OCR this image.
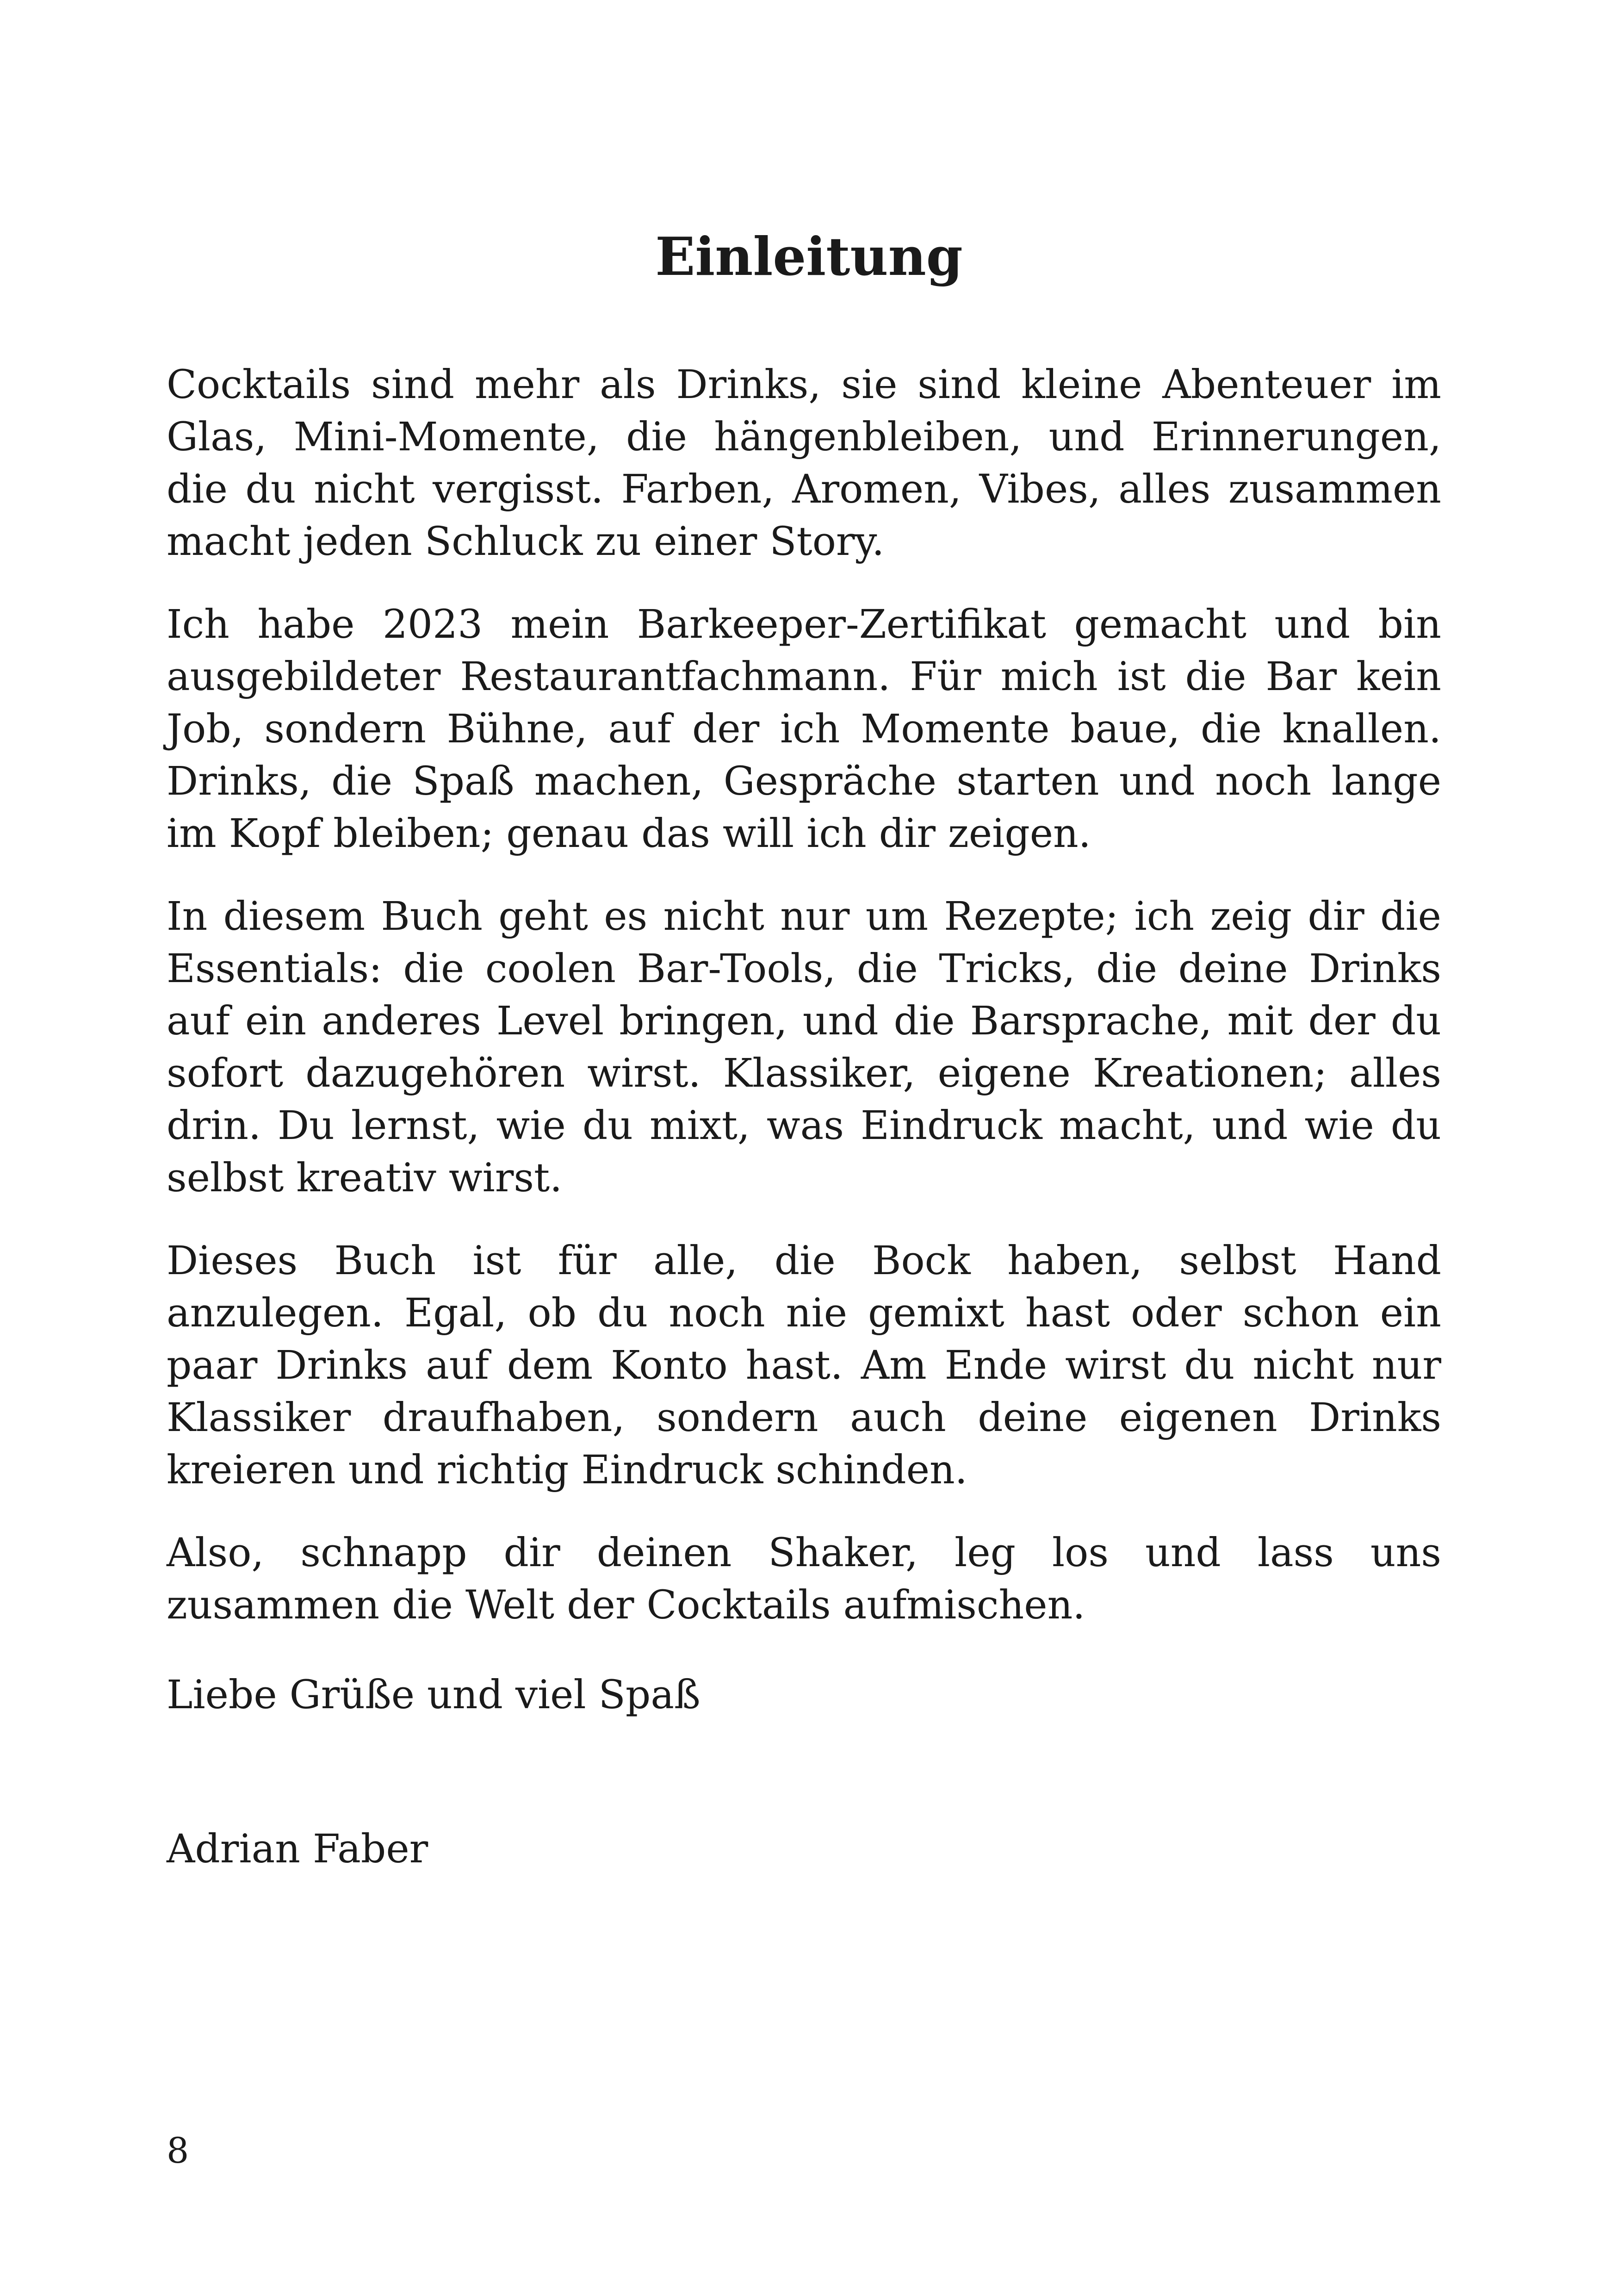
Einleitung

Cocktails sind mehr als Drinks, sie sind kleine Abenteuer im Glas, Mini-Momente, die hängenbleiben, und Erinnerungen, die du nicht vergisst. Farben, Aromen, Vibes, alles zusammen macht jeden Schluck zu einer Story.

Ich habe 2023 mein Barkeeper-Zertifikat gemacht und bin ausgebildeter Restaurantfachmann. Für mich ist die Bar kein Job, sondern Bühne, auf der ich Momente baue, die knallen. Drinks, die Spaß machen, Gespräche starten und noch lange im Kopf bleiben; genau das will ich dir zeigen.

In diesem Buch geht es nicht nur um Rezepte; ich zeig dir die Essentials: die coolen Bar-Tools, die Tricks, die deine Drinks auf ein anderes Level bringen, und die Barsprache, mit der du sofort dazugehören wirst. Klassiker, eigene Kreationen; alles drin. Du lernst, wie du mixt, was Eindruck macht, und wie du selbst kreativ wirst.

Dieses Buch ist für alle, die Bock haben, selbst Hand anzulegen. Egal, ob du noch nie gemixt hast oder schon ein paar Drinks auf dem Konto hast. Am Ende wirst du nicht nur Klassiker draufhaben, sondern auch deine eigenen Drinks kreieren und richtig Eindruck schinden.

Also, schnapp dir deinen Shaker, leg los und lass uns zusammen die Welt der Cocktails aufmischen.

Liebe Grüße und viel Spaß

Adrian Faber

8
